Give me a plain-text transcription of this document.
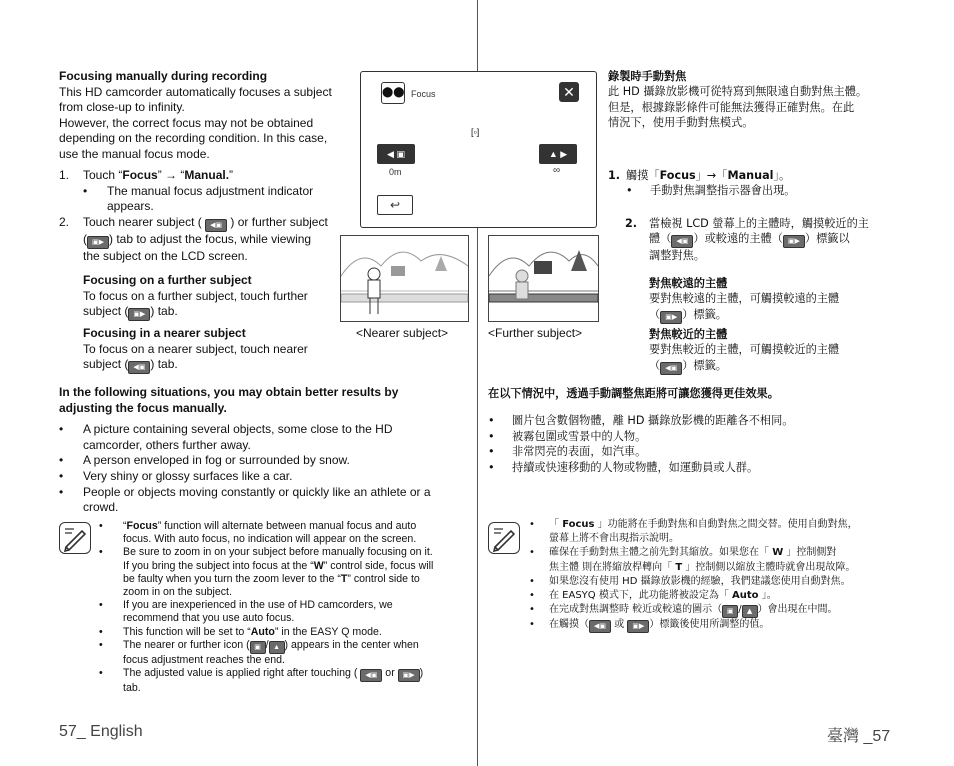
Focusing manually during recording
This HD camcorder automatically focuses a subject
from close-up to infinity.
However, the correct focus may not be obtained
depending on the recording condition. In this case,
use the manual focus mode.
1. Touch “Focus” → “Manual.”
• The manual focus adjustment indicator
appears.
2. Touch nearer subject ( ◀▣ ) or further subject
( ▣▶ ) tab to adjust the focus, while viewing
the subject on the LCD screen.
Focusing on a further subject
To focus on a further subject, touch further
subject ( ▣▶ ) tab.
Focusing in a nearer subject
To focus on a nearer subject, touch nearer
subject ( ◀▣ ) tab.
In the following situations, you may obtain better results by
adjusting the focus manually.
• A picture containing several objects, some close to the HD
camcorder, others further away.
• A person enveloped in fog or surrounded by snow.
• Very shiny or glossy surfaces like a car.
• People or objects moving constantly or quickly like an athlete or a
crowd.
• “Focus” function will alternate between manual focus and auto
focus. With auto focus, no indication will appear on the screen.
• Be sure to zoom in on your subject before manually focusing on it.
If you bring the subject into focus at the “W” control side, focus will
be faulty when you turn the zoom lever to the “T” control side to
zoom in on the subject.
• If you are inexperienced in the use of HD camcorders, we
recommend that you use auto focus.
• This function will be set to “Auto” in the EASY Q mode.
• The nearer or further icon ( ▣ / ▲ ) appears in the center when
focus adjustment reaches the end.
• The adjusted value is applied right after touching ( ◀▣ or ▣▶ )
tab.
57_ English
⬤⬤ Focus	✕
[▫]
◀ ▣	▲ ▶
0m	∞
↩
<Nearer subject>	<Further subject>
錄製時手動對焦
此 HD 攝錄放影機可從特寫到無限遠自動對焦主體。
但是，根據錄影條件可能無法獲得正確對焦。在此
情況下，使用手動對焦模式。
1. 觸摸「Focus」→「Manual」。
• 手動對焦調整指示器會出現。
2. 當檢視 LCD 螢幕上的主體時，觸摸較近的主
體（ ◀▣ ）或較遠的主體（ ▣▶ ）標籤以
調整對焦。
對焦較遠的主體
要對焦較遠的主體，可觸摸較遠的主體
（ ▣▶ ）標籤。
對焦較近的主體
要對焦較近的主體，可觸摸較近的主體
（ ◀▣ ）標籤。
在以下情況中，透過手動調整焦距將可讓您獲得更佳效果。
• 圖片包含數個物體，離 HD 攝錄放影機的距離各不相同。
• 被霧包圍或雪景中的人物。
• 非常閃亮的表面，如汽車。
• 持續或快速移動的人物或物體，如運動員或人群。
• 「 Focus 」功能將在手動對焦和自動對焦之間交替。使用自動對焦，
螢幕上將不會出現指示說明。
• 確保在手動對焦主體之前先對其縮放。如果您在「 W 」控制側對
焦主體 則在將縮放桿轉向「 T 」控制側以縮放主體時就會出現故障。
• 如果您沒有使用 HD 攝錄放影機的經驗，我們建議您使用自動對焦。
• 在 EASYQ 模式下，此功能將被設定為「 Auto 」。
• 在完成對焦調整時 較近或較遠的圖示（ ▣ / ▲ ）會出現在中間。
• 在觸摸（ ◀▣ 或 ▣▶ ）標籤後使用所調整的值。
臺灣 _57
